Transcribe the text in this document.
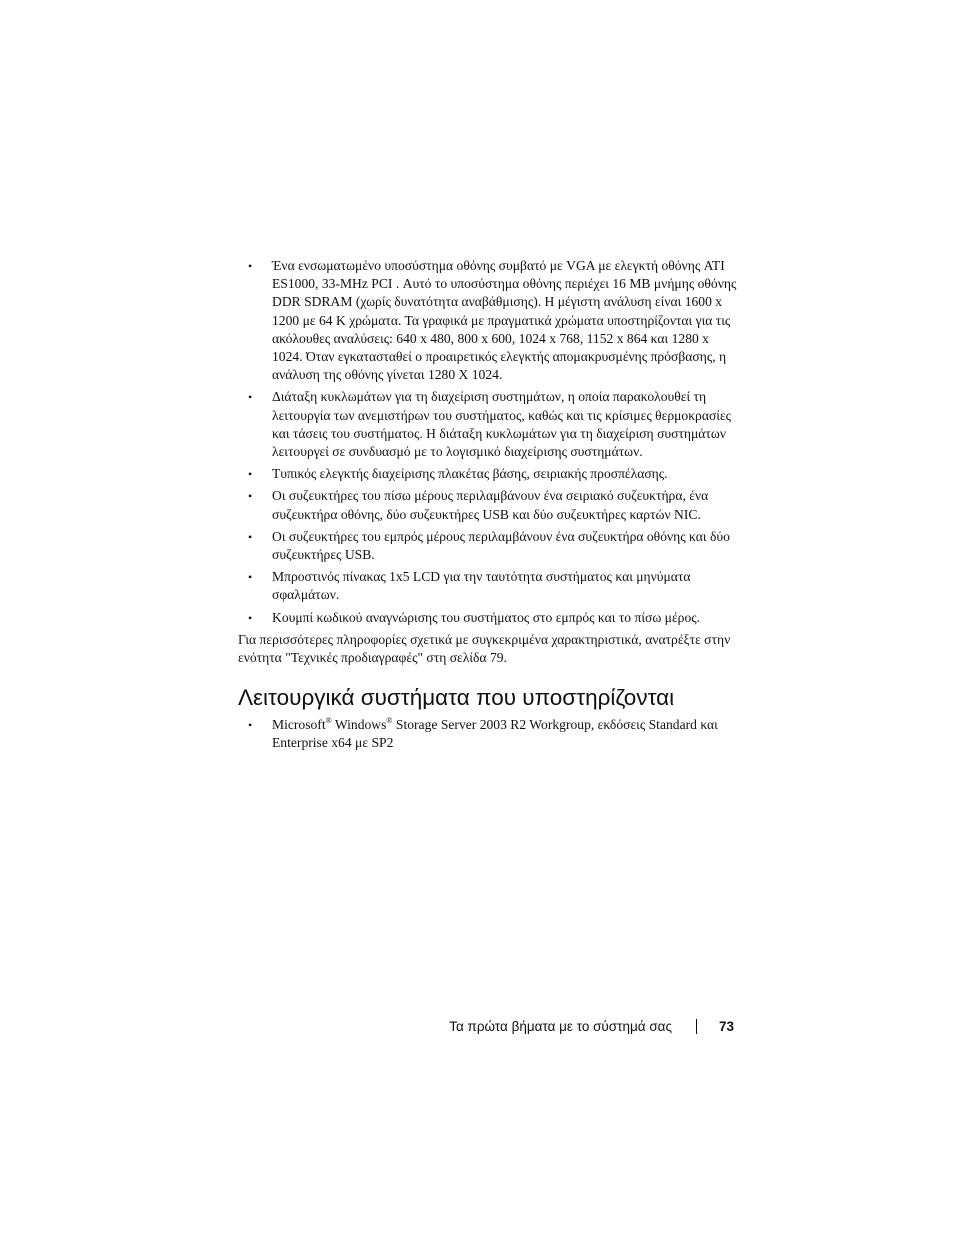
• Ένα ενσωματωμένο υποσύστημα οθόνης συμβατό με VGA με ελεγκτή οθόνης ATI ES1000, 33-MHz PCI . Αυτό το υποσύστημα οθόνης περιέχει 16 MB μνήμης οθόνης DDR SDRAM (χωρίς δυνατότητα αναβάθμισης). Η μέγιστη ανάλυση είναι 1600 x 1200 με 64 K χρώματα. Τα γραφικά με πραγματικά χρώματα υποστηρίζονται για τις ακόλουθες αναλύσεις: 640 x 480, 800 x 600, 1024 x 768, 1152 x 864 και 1280 x 1024. Όταν εγκατασταθεί ο προαιρετικός ελεγκτής απομακρυσμένης πρόσβασης, η ανάλυση της οθόνης γίνεται 1280 X 1024.
• Διάταξη κυκλωμάτων για τη διαχείριση συστημάτων, η οποία παρακολουθεί τη λειτουργία των ανεμιστήρων του συστήματος, καθώς και τις κρίσιμες θερμοκρασίες και τάσεις του συστήματος. Η διάταξη κυκλωμάτων για τη διαχείριση συστημάτων λειτουργεί σε συνδυασμό με το λογισμικό διαχείρισης συστημάτων.
• Τυπικός ελεγκτής διαχείρισης πλακέτας βάσης, σειριακής προσπέλασης.
• Οι συζευκτήρες του πίσω μέρους περιλαμβάνουν ένα σειριακό συζευκτήρα, ένα συζευκτήρα οθόνης, δύο συζευκτήρες USB και δύο συζευκτήρες καρτών NIC.
• Οι συζευκτήρες του εμπρός μέρους περιλαμβάνουν ένα συζευκτήρα οθόνης και δύο συζευκτήρες USB.
• Μπροστινός πίνακας 1x5 LCD για την ταυτότητα συστήματος και μηνύματα σφαλμάτων.
• Κουμπί κωδικού αναγνώρισης του συστήματος στο εμπρός και το πίσω μέρος.

Για περισσότερες πληροφορίες σχετικά με συγκεκριμένα χαρακτηριστικά, ανατρέξτε στην ενότητα "Τεχνικές προδιαγραφές" στη σελίδα 79.

Λειτουργικά συστήματα που υποστηρίζονται
• Microsoft® Windows® Storage Server 2003 R2 Workgroup, εκδόσεις Standard και Enterprise x64 με SP2
Τα πρώτα βήματα με το σύστημά σας	73
